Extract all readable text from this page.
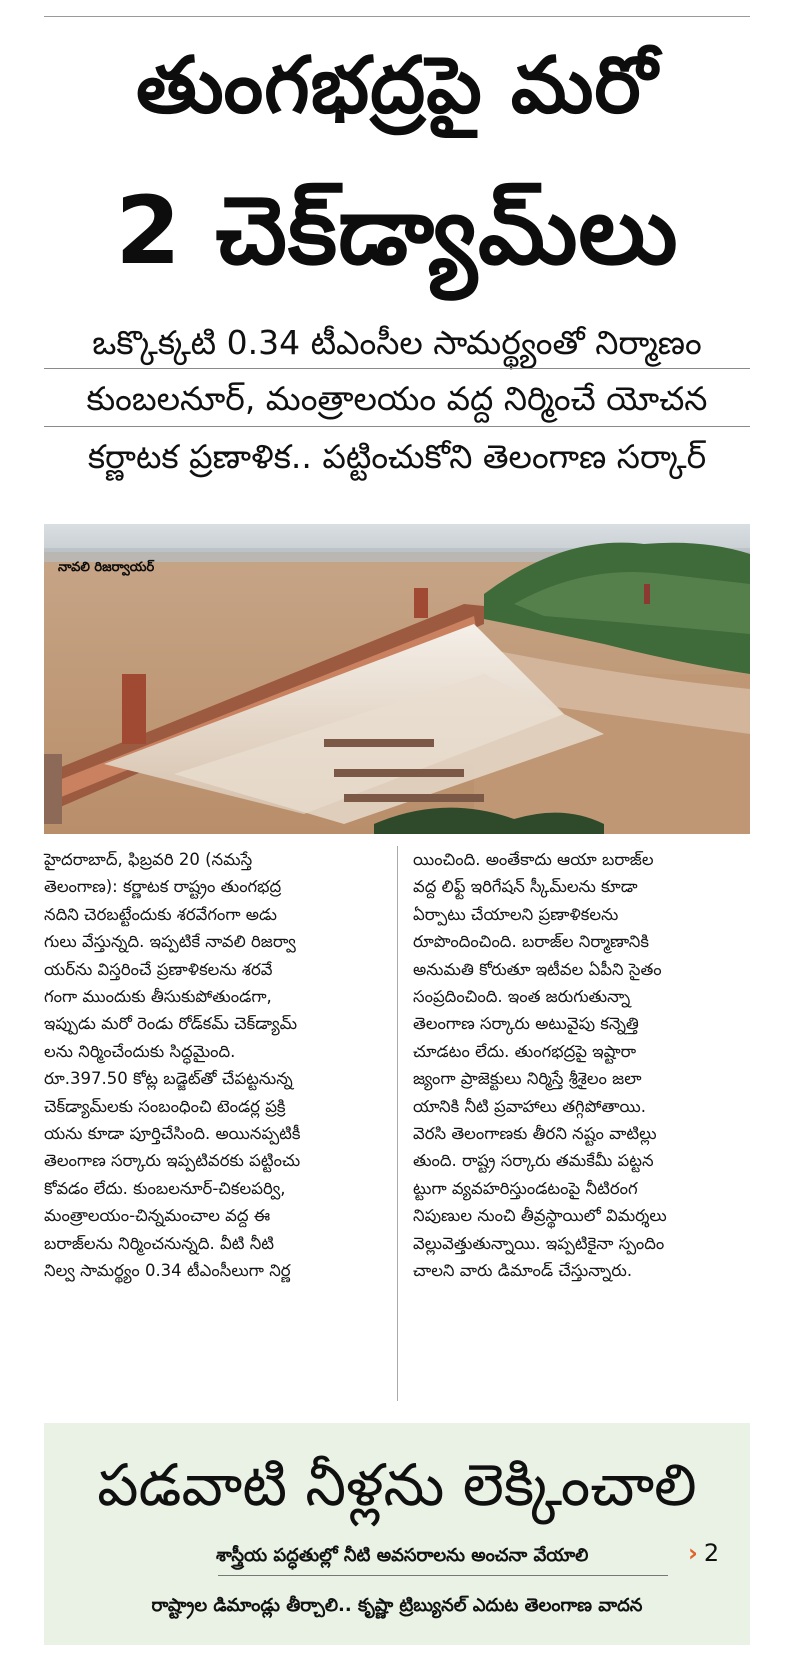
తుంగభద్రపై మరో
2 చెక్‌డ్యామ్‌లు
ఒక్కొక్కటి 0.34 టీఎంసీల సామర్థ్యంతో నిర్మాణం
కుంబలనూర్, మంత్రాలయం వద్ద నిర్మించే యోచన
కర్ణాటక ప్రణాళిక.. పట్టించుకోని తెలంగాణ సర్కార్
నావలి రిజర్వాయర్

హైదరాబాద్, ఫిబ్రవరి 20 (నమస్తే

తెలంగాణ): కర్ణాటక రాష్ట్రం తుంగభద్ర

నదిని చెరబట్టేందుకు శరవేగంగా అడు

గులు వేస్తున్నది. ఇప్పటికే నావలి రిజర్వా

యర్‌ను విస్తరించే ప్రణాళికలను శరవే

గంగా ముందుకు తీసుకుపోతుండగా,

ఇప్పుడు మరో రెండు రోడ్‌కమ్ చెక్‌డ్యామ్

లను నిర్మించేందుకు సిద్ధమైంది.

రూ.397.50 కోట్ల బడ్జెట్‌తో చేపట్టనున్న

చెక్‌డ్యామ్‌లకు సంబంధించి టెండర్ల ప్రక్రి

యను కూడా పూర్తిచేసింది. అయినప్పటికీ

తెలంగాణ సర్కారు ఇప్పటివరకు పట్టించు

కోవడం లేదు. కుంబలనూర్-చికలపర్వి,

మంత్రాలయం-చిన్నమంచాల వద్ద ఈ

బరాజ్‌లను నిర్మించనున్నది. వీటి నీటి

నిల్వ సామర్థ్యం 0.34 టీఎంసీలుగా నిర్ణ

యించింది. అంతేకాదు ఆయా బరాజ్‌ల

వద్ద లిఫ్ట్ ఇరిగేషన్ స్కీమ్‌లను కూడా

ఏర్పాటు చేయాలని ప్రణాళికలను

రూపొందించింది. బరాజ్‌ల నిర్మాణానికి

అనుమతి కోరుతూ ఇటీవల ఏపీని సైతం

సంప్రదించింది. ఇంత జరుగుతున్నా

తెలంగాణ సర్కారు అటువైపు కన్నెత్తి

చూడటం లేదు. తుంగభద్రపై ఇష్టారా

జ్యంగా ప్రాజెక్టులు నిర్మిస్తే శ్రీశైలం జలా

యానికి నీటి ప్రవాహాలు తగ్గిపోతాయి.

వెరసి తెలంగాణకు తీరని నష్టం వాటిల్లు

తుంది. రాష్ట్ర సర్కారు తమకేమీ పట్టన

ట్టుగా వ్యవహరిస్తుండటంపై నీటిరంగ

నిపుణుల నుంచి తీవ్రస్థాయిలో విమర్శలు

వెల్లువెత్తుతున్నాయి. ఇప్పటికైనా స్పందిం

చాలని వారు డిమాండ్ చేస్తున్నారు.

పడవాటి నీళ్లను లెక్కించాలి
శాస్త్రీయ పద్ధతుల్లో నీటి అవసరాలను అంచనా వేయాలి	› 2
రాష్ట్రాల డిమాండ్లు తీర్చాలి.. కృష్ణా ట్రిబ్యునల్ ఎదుట తెలంగాణ వాదన
